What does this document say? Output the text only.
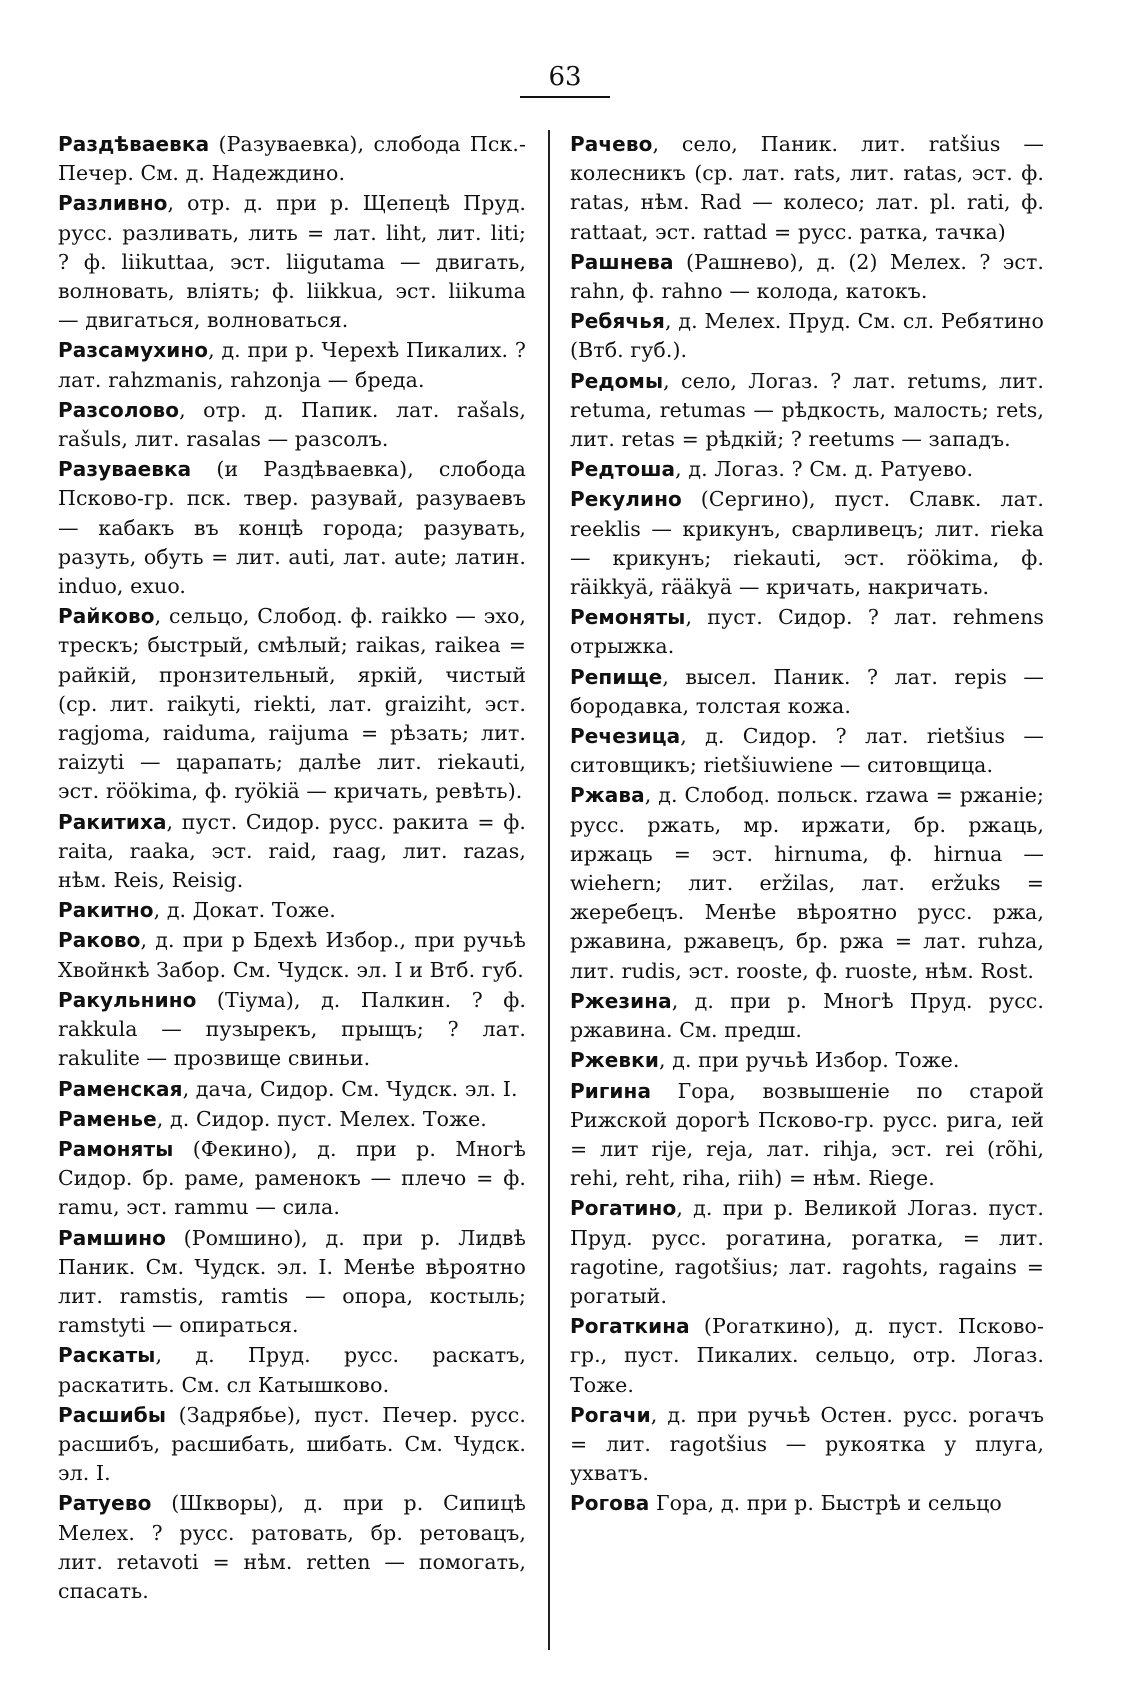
63

Раздѣваевка (Разуваевка), слобода Пск.-Печер. См. д. Надеждино.

Разливно, отр. д. при р. Щепецѣ Пруд. русс. разливать, лить = лат. liht, лит. liti; ? ф. liikuttaa, эст. liigutama — двигать, волновать, вліять; ф. liikkua, эст. liikuma — двигаться, волноваться.

Разсамухино, д. при р. Черехѣ Пикалих. ? лат. rahzmanis, rahzonja — бреда.

Разсолово, отр. д. Папик. лат. rašals, rašuls, лит. rasalas — разсолъ.

Разуваевка (и Раздѣваевка), слобода Псково-гр. пск. твер. разувай, разуваевъ — кабакъ въ концѣ города; разувать, разуть, обуть = лит. auti, лат. aute; латин. induo, exuo.

Райково, сельцо, Слобод. ф. raikko — эхо, трескъ; быстрый, смѣлый; raikas, raikea = райкій, пронзительный, яркій, чистый (ср. лит. raikyti, riekti, лат. graiziht, эст. ragjoma, raiduma, raijuma = рѣзать; лит. raizyti — царапать; далѣе лит. riekauti, эст. röökima, ф. ryökiä — кричать, ревѣть).

Ракитиха, пуст. Сидор. русс. ракита = ф. raita, raaka, эст. raid, raag, лит. razas, нѣм. Reis, Reisig.

Ракитно, д. Докат. Тоже.

Раково, д. при р Бдехѣ Избор., при ручьѣ Хвойнкѣ Забор. См. Чудск. эл. I и Втб. губ.

Ракульнино (Тiума), д. Палкин. ? ф. rakkula — пузырекъ, прыщъ; ? лат. rakulite — прозвище свиньи.

Раменская, дача, Сидор. См. Чудск. эл. I.

Раменье, д. Сидор. пуст. Мелех. Тоже.

Рамоняты (Фекино), д. при р. Многѣ Сидор. бр. раме, раменокъ — плечо = ф. ramu, эст. rammu — сила.

Рамшино (Ромшино), д. при р. Лидвѣ Паник. См. Чудск. эл. I. Менѣе вѣроятно лит. ramstis, ramtis — опора, костыль; ramstyti — опираться.

Раскаты, д. Пруд. русс. раскатъ, раскатить. См. сл Катышково.

Расшибы (Задрябье), пуст. Печер. русс. расшибъ, расшибать, шибать. См. Чудск. эл. I.

Ратуево (Шкворы), д. при р. Сипицѣ Мелех. ? русс. ратовать, бр. ретовацъ, лит. retavoti = нѣм. retten — помогать, спасать.

Рачево, село, Паник. лит. ratšius — колесникъ (ср. лат. rats, лит. ratas, эст. ф. ratas, нѣм. Rad — колесо; лат. pl. rati, ф. rattaat, эст. rattad = русс. ратка, тачка)

Рашнева (Рашнево), д. (2) Мелех. ? эст. rahn, ф. rahno — колода, катокъ.

Ребячья, д. Мелех. Пруд. См. сл. Ребятино (Втб. губ.).

Редомы, село, Логаз. ? лат. retums, лит. retuma, retumas — рѣдкость, малость; rets, лит. retas = рѣдкій; ? reetums — западъ.

Редтоша, д. Логаз. ? См. д. Ратуево.

Рекулино (Сергино), пуст. Славк. лат. reeklis — крикунъ, сварливецъ; лит. rieka — крикунъ; riekauti, эст. röökima, ф. räikkyä, rääkyä — кричать, накричать.

Ремоняты, пуст. Сидор. ? лат. rehmens отрыжка.

Репище, высел. Паник. ? лат. repis — бородавка, толстая кожа.

Речезица, д. Сидор. ? лат. rietšius — ситовщикъ; rietšiuwiene — ситовщица.

Ржава, д. Слобод. польск. rzawa = ржаніе; русс. ржать, мр. иржати, бр. ржаць, иржаць = эст. hirnuma, ф. hirnua — wiehern; лит. eržilas, лат. eržuks = жеребецъ. Менѣе вѣроятно русс. ржа, ржавина, ржавецъ, бр. ржа = лат. ruhza, лит. rudis, эст. rooste, ф. ruoste, нѣм. Rost.

Ржезина, д. при р. Многѣ Пруд. русс. ржавина. См. предш.

Ржевки, д. при ручьѣ Избор. Тоже.

Ригина Гора, возвышеніе по старой Рижской дорогѣ Псково-гр. русс. рига, ɪей = лит rije, reja, лат. rihja, эст. rei (rõhi, rehi, reht, riha, riih) = нѣм. Riege.

Рогатино, д. при р. Великой Логаз. пуст. Пруд. русс. рогатина, рогатка, = лит. ragotine, ragotšius; лат. ragohts, ragains = рогатый.

Рогаткина (Рогаткино), д. пуст. Псково-гр., пуст. Пикалих. сельцо, отр. Логаз. Тоже.

Рогачи, д. при ручьѣ Остен. русс. рогачъ = лит. ragotšius — рукоятка у плуга, ухватъ.

Рогова Гора, д. при р. Быстрѣ и сельцо
